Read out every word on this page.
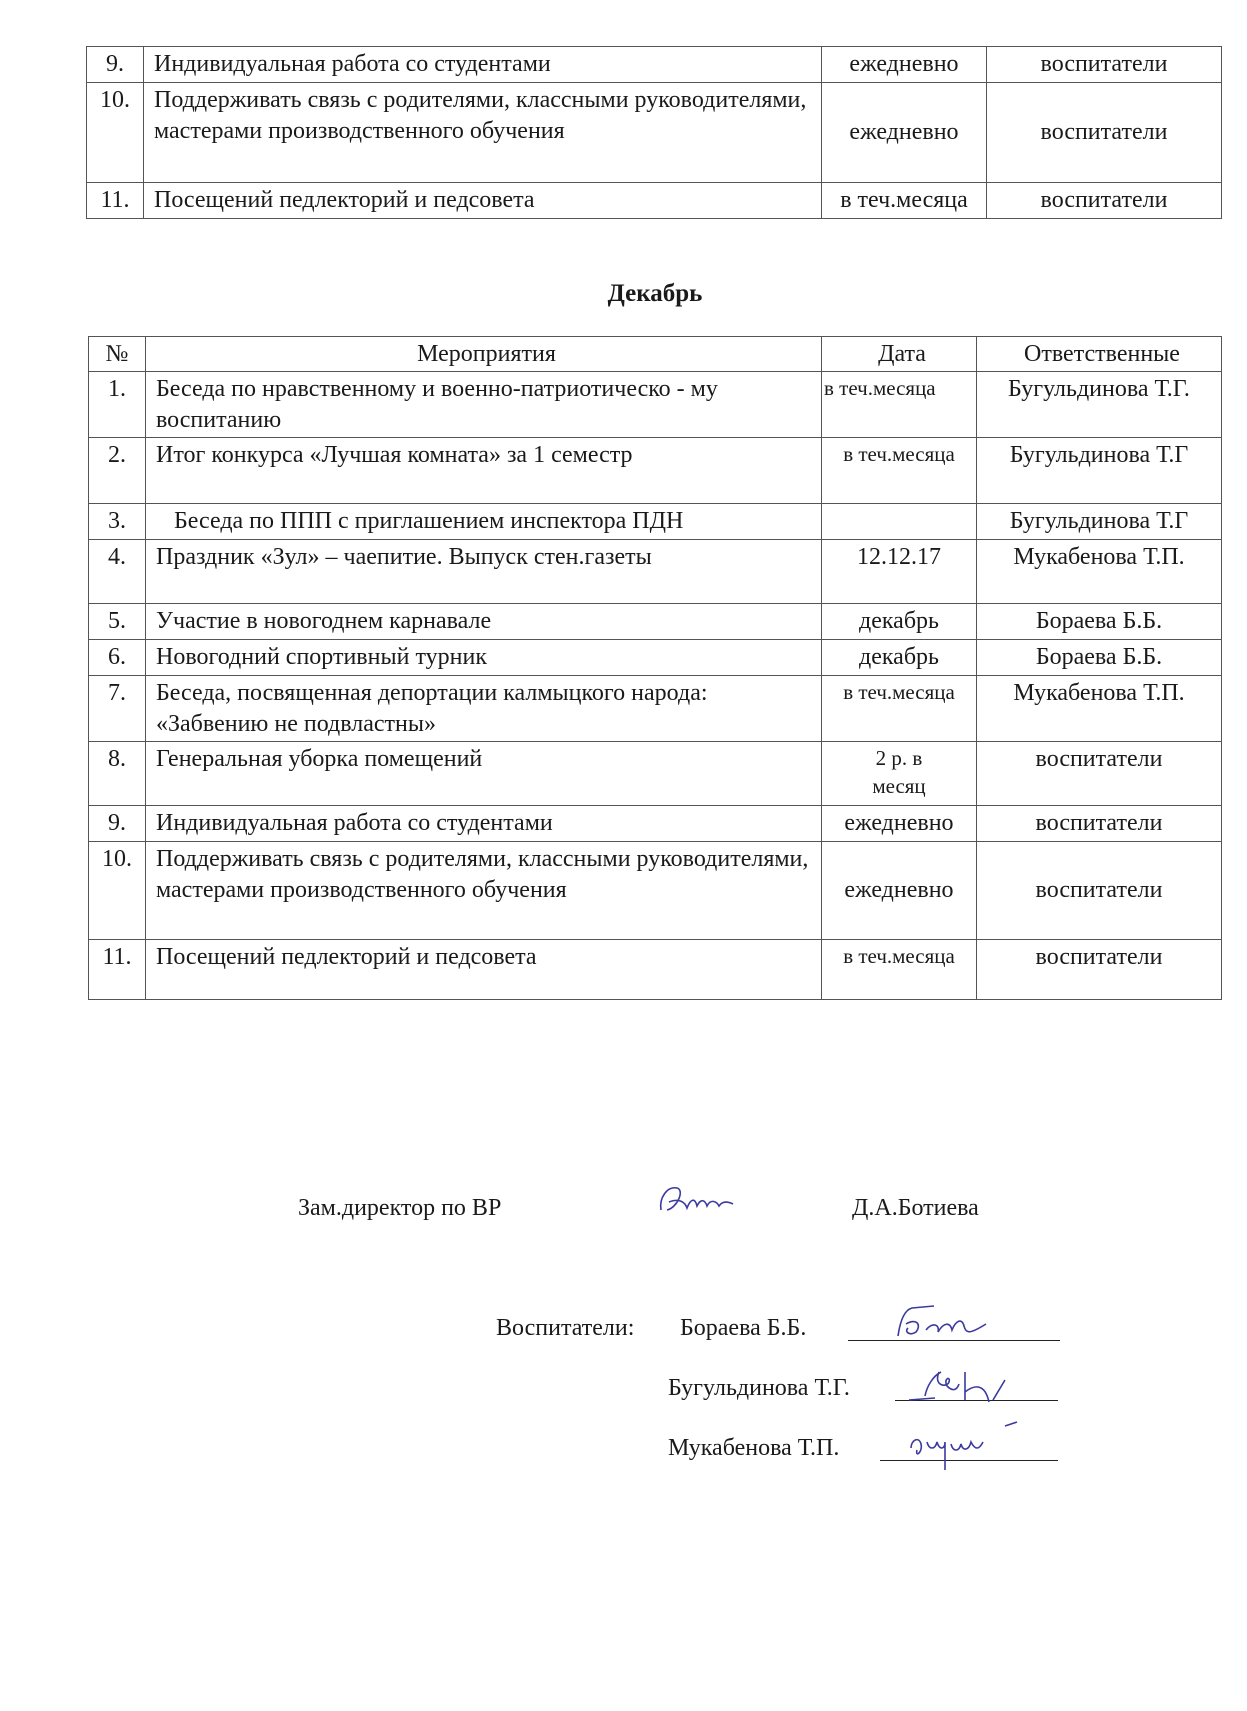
9.	Индивидуальная работа со студентами	ежедневно	воспитатели
10.	Поддерживать связь с родителями, классными руководителями, мастерами производственного обучения	ежедневно	воспитатели
11.	Посещений педлекторий и педсовета	в теч.месяца	воспитатели
Декабрь
№	Мероприятия	Дата	Ответственные
1.	Беседа по нравственному и военно-патриотическо - му воспитанию	в теч.месяца	Бугульдинова Т.Г.
2.	Итог конкурса «Лучшая комната» за 1 семестр	в теч.месяца	Бугульдинова Т.Г
3.	Беседа по ППП с приглашением инспектора ПДН		Бугульдинова Т.Г
4.	Праздник «Зул» – чаепитие. Выпуск стен.газеты	12.12.17	Мукабенова Т.П.
5.	Участие в новогоднем карнавале	декабрь	Бораева Б.Б.
6.	Новогодний спортивный турник	декабрь	Бораева Б.Б.
7.	Беседа, посвященная депортации калмыцкого народа: «Забвению не подвластны»	в теч.месяца	Мукабенова Т.П.
8.	Генеральная уборка помещений	2 р. в месяц	воспитатели
9.	Индивидуальная работа со студентами	ежедневно	воспитатели
10.	Поддерживать связь с родителями, классными руководителями, мастерами производственного обучения	ежедневно	воспитатели
11.	Посещений педлекторий и педсовета	в теч.месяца	воспитатели
Зам.директор по ВР	Д.А.Ботиева
Воспитатели: Бораева Б.Б.
Бугульдинова Т.Г.
Мукабенова Т.П.
